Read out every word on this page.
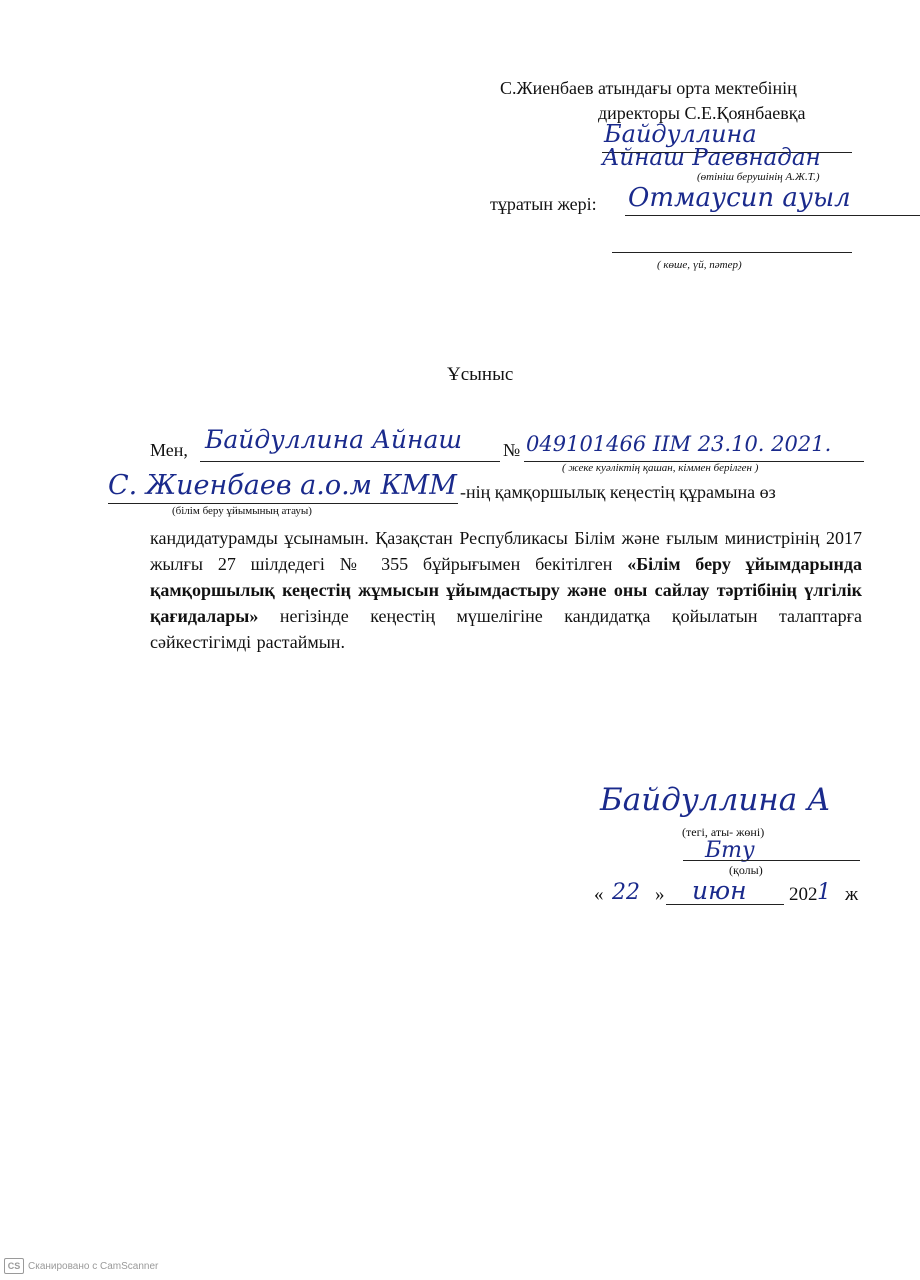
С.Жиенбаев атындағы орта мектебінің
директоры С.Е.Қоянбаевқа
Байдуллина
Айнаш Раевнадан
(өтініш берушінің А.Ж.Т.)
тұратын жері: Отмаусип ауыл
( көше, үй, пәтер)
Ұсыныс
Мен, Байдуллина Айнаш № 049101466 ІІМ 23.10. 2021.
( жеке куәліктің қашан, кіммен берілген )
С. Жиенбаев а.о.м КММ -нің қамқоршылық кеңестің құрамына өз
(білім беру ұйымының атауы)

кандидатурамды ұсынамын. Қазақстан Республикасы Білім және ғылым министрінің 2017 жылғы 27 шілдедегі № 355 бұйрығымен бекітілген «Білім беру ұйымдарында қамқоршылық кеңестің жұмысын ұйымдастыру және оны сайлау тәртібінің үлгілік қағидалары» негізінде кеңестің мүшелігіне кандидатқа қойылатын талаптарға сәйкестігімді растаймын.

Байдуллина А
(тегі, аты- жөні)
Бту
(қолы)
« 22 » июн 202 1 ж
CS Сканировано с CamScanner
